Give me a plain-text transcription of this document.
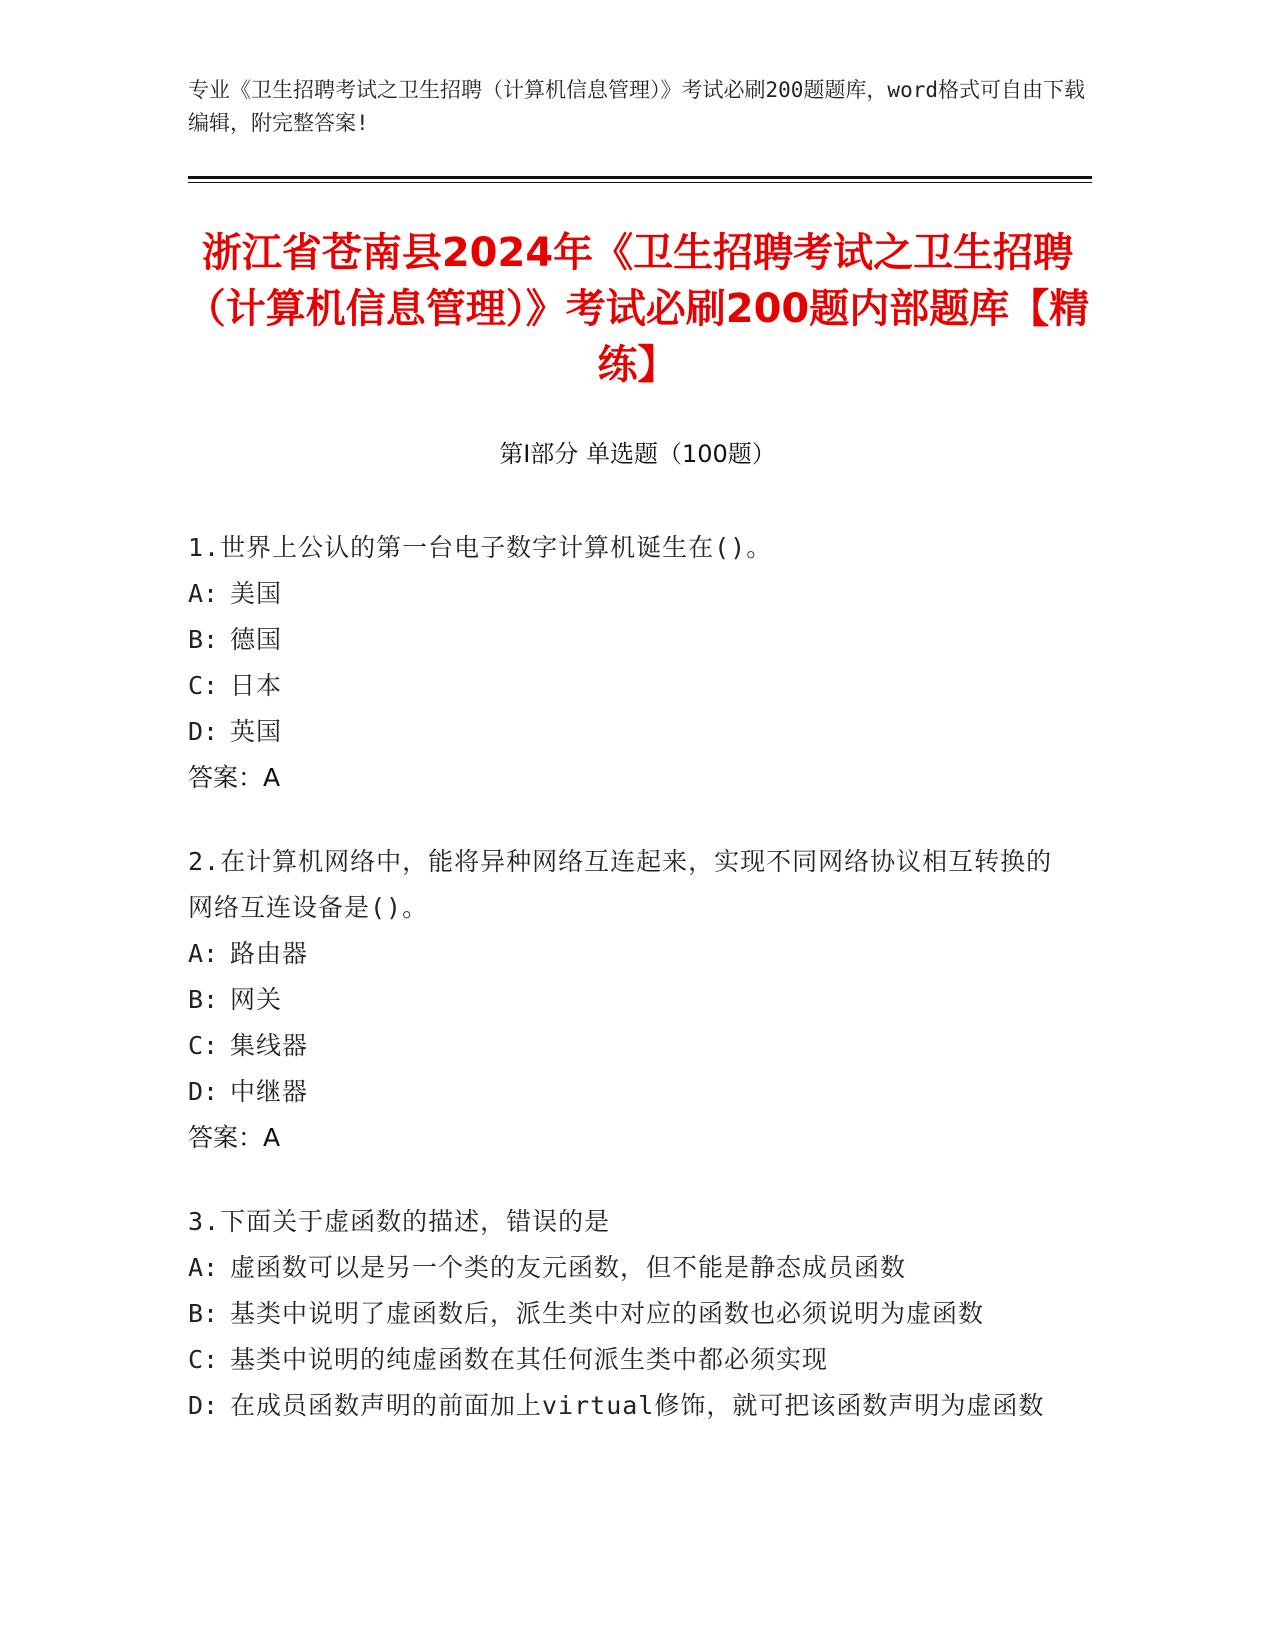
专业《卫生招聘考试之卫生招聘（计算机信息管理）》考试必刷200题题库，word格式可自由下载编辑，附完整答案!
浙江省苍南县2024年《卫生招聘考试之卫生招聘（计算机信息管理）》考试必刷200题内部题库【精练】
第I部分 单选题（100题）
1.世界上公认的第一台电子数字计算机诞生在()。
A: 美国
B: 德国
C: 日本
D: 英国
答案：A
2.在计算机网络中，能将异种网络互连起来，实现不同网络协议相互转换的网络互连设备是()。
A: 路由器
B: 网关
C: 集线器
D: 中继器
答案：A
3.下面关于虚函数的描述，错误的是
A: 虚函数可以是另一个类的友元函数，但不能是静态成员函数
B: 基类中说明了虚函数后，派生类中对应的函数也必须说明为虚函数
C: 基类中说明的纯虚函数在其任何派生类中都必须实现
D: 在成员函数声明的前面加上virtual修饰，就可把该函数声明为虚函数
